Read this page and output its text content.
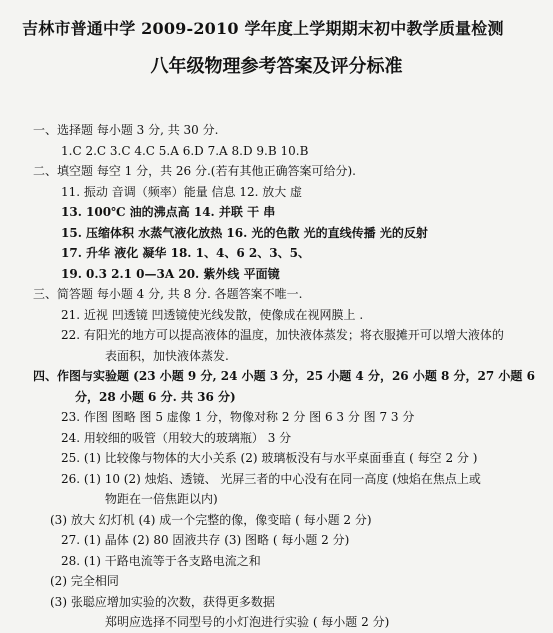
吉林市普通中学 2009-2010 学年度上学期期末初中教学质量检测
八年级物理参考答案及评分标准
一、选择题 每小题 3 分, 共 30 分.
1.C 2.C 3.C 4.C 5.A 6.D 7.A 8.D 9.B 10.B
二、填空题 每空 1 分，共 26 分.(若有其他正确答案可给分).
11. 振动 音调（频率）能量 信息 12. 放大 虚
13. 100℃ 油的沸点高 14. 并联 干 串
15. 压缩体积 水蒸气液化放热 16. 光的色散 光的直线传播 光的反射
17. 升华 液化 凝华 18. 1、4、6 2、3、5、
19. 0.3 2.1 0—3A 20. 紫外线 平面镜
三、简答题 每小题 4 分, 共 8 分. 各题答案不唯一.
21. 近视 凹透镜 凹透镜使光线发散，使像成在视网膜上 .
22. 有阳光的地方可以提高液体的温度，加快液体蒸发；将衣服摊开可以增大液体的
表面积，加快液体蒸发.
四、作图与实验题 (23 小题 9 分, 24 小题 3 分，25 小题 4 分，26 小题 8 分，27 小题 6
分，28 小题 6 分. 共 36 分)
23. 作图 图略 图 5 虚像 1 分，物像对称 2 分 图 6 3 分 图 7 3 分
24. 用较细的吸管（用较大的玻璃瓶） 3 分
25. (1) 比较像与物体的大小关系 (2) 玻璃板没有与水平桌面垂直 ( 每空 2 分 )
26. (1) 10 (2) 烛焰、透镜、 光屏三者的中心没有在同一高度 (烛焰在焦点上或
物距在一倍焦距以内)
(3) 放大 幻灯机 (4) 成一个完整的像，像变暗 ( 每小题 2 分)
27. (1) 晶体 (2) 80 固液共存 (3) 图略 ( 每小题 2 分)
28. (1) 干路电流等于各支路电流之和
(2) 完全相同
(3) 张聪应增加实验的次数，获得更多数据
郑明应选择不同型号的小灯泡进行实验 ( 每小题 2 分)
